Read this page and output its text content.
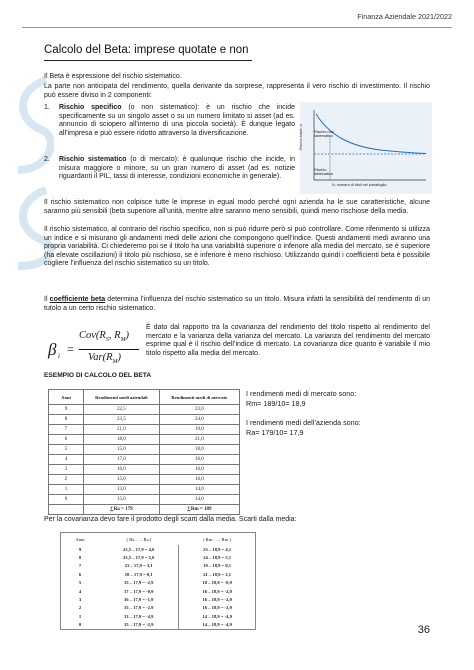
Finanza Aziendale 2021/2022
Calcolo del Beta: imprese quotate e non

Il Beta è espressione del rischio sistematico.

La parte non anticipata del rendimento, quella derivante da sorprese, rappresenta il vero rischio di investimento. Il rischio può essere diviso in 2 componenti:

1. Rischio specifico (o non sistematico): è un rischio che incide specificamente su un singolo asset o su un numero limitato si asset (ad es. annuncio di sciopero all’interno di una piccola società). È dunque legato all’impresa e può essere ridotto attraverso la diversificazione.
2. Rischio sistematico (o di mercato): è qualunque rischio che incide, in misura maggiore o minore, su un gran numero di asset (ad es. notizie riguardanti il PIL, tassi di interesse, condizioni economiche in generale).
Rischio totale, σ	Rischio non sistematico
Rischio sistematico
N, numero di titoli nel portafoglio

Il rischio sistematico non colpisce tutte le imprese in egual modo perché ogni azienda ha le sue caratteristiche, alcune saranno più sensibili (beta superiore all’unità, mentre altre saranno meno sensibili, quindi meno rischiose della media.

Il rischio sistematico, al contrario del rischio specifico, non si può ridurre però si può controllare. Come riferimento si utilizza un indice e si misurano gli andamenti medi delle azioni che compongono quell’indice. Questi andamenti medi avranno una propria variabilità. Ci chiederemo poi se il titolo ha una variabilità superiore o inferiore alla media del mercato, se è superiore (ha elevate oscillazioni) il titolo più rischioso, se è inferiore è meno rischioso. Utilizzando quindi i coefficienti beta è possibile cogliere l’influenza del rischio sistematico su un titolo.

Il coefficiente beta determina l’influenza del rischio sistematico su un titolo. Misura infatti la sensibilità del rendimento di un tutolo a un certo rischio sistematico.

β i =
$Cov(R_S$, $R_M$)
$Var(R_M)$

È dato dal rapporto tra la covarianza del rendimento del titolo rispetto al rendimento del mercato e la varianza della varianza del mercato. La varianza del rendimento del mercato esprime qual è il rischio dell’indice di mercato. La covarianza dice quanto è variabile il mio titolo rispetto alla media del mercato.

ESEMPIO DI CALCOLO DEL BETA
Anni	Rendimenti medi aziendali	Rendimenti medi di mercato
9	22,5	23,0
8	23,5	24,0
7	21,0	19,0
6	18,0	21,0
5	15,0	18,0
4	17,0	16,0
3	16,0	16,0
2	15,0	16,0
1	13,0	14,0
0	15,0	14,0
	∑Ra = 179	∑Rm = 189
I rendimenti medi di mercato sono:
Rm= 189/10= 18,9
I rendimenti medi dell’azienda sono:
Ra= 179/10= 17,9

Per la covarianza devo fare il prodotto degli scarti dalla media. Scarti dalla media:

Anni	( Ra… – Ra )	( Rm… – Rm )
9	22,5 – 17,9 = 4,6	23 – 18,9 = 4,1
8	23,5 – 17,9 = 5,6	24 – 18,9 = 5,1
7	21 – 17,9 = 3,1	19 – 18,9 = 0,1
6	18 – 17,9 = 0,1	21 – 18,9 = 2,1
5	15 – 17,9 = -2,9	18 – 18,9 = -0,9
4	17 – 17,9 = -0,9	16 – 18,9 = -2,9
3	16 – 17,9 = -1,9	16 – 18,9 = -2,9
2	15 – 17,9 = -2,9	16 – 18,9 = -2,9
1	13 – 17,9 = -4,9	14 – 18,9 = -4,9
0	15 – 17,9 = -2,9	14 – 18,9 = -4,9	36
